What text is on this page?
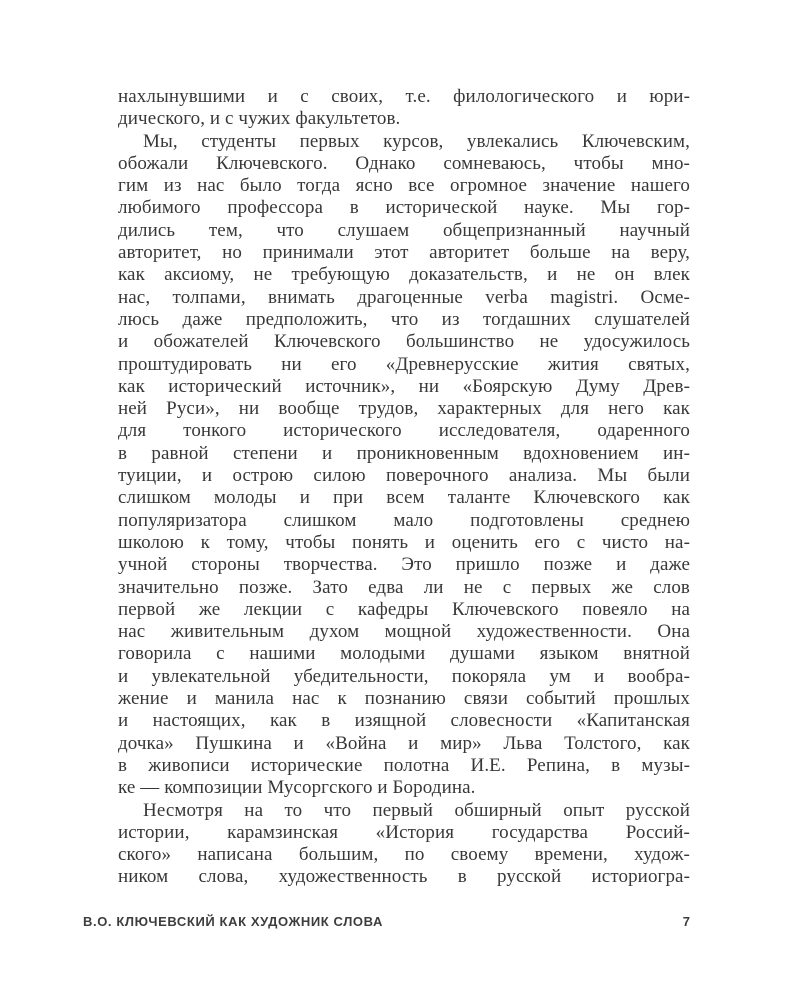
нахлынувшими и с своих, т.е. филологического и юри-
дического, и с чужих факультетов.
Мы, студенты первых курсов, увлекались Ключевским,
обожали Ключевского. Однако сомневаюсь, чтобы мно-
гим из нас было тогда ясно все огромное значение нашего
любимого профессора в исторической науке. Мы гор-
дились тем, что слушаем общепризнанный научный
авторитет, но принимали этот авторитет больше на веру,
как аксиому, не требующую доказательств, и не он влек
нас, толпами, внимать драгоценные verba magistri. Осме-
люсь даже предположить, что из тогдашних слушателей
и обожателей Ключевского большинство не удосужилось
проштудировать ни его «Древнерусские жития святых,
как исторический источник», ни «Боярскую Думу Древ-
ней Руси», ни вообще трудов, характерных для него как
для тонкого исторического исследователя, одаренного
в равной степени и проникновенным вдохновением ин-
туиции, и острою силою поверочного анализа. Мы были
слишком молоды и при всем таланте Ключевского как
популяризатора слишком мало подготовлены среднею
школою к тому, чтобы понять и оценить его с чисто на-
учной стороны творчества. Это пришло позже и даже
значительно позже. Зато едва ли не с первых же слов
первой же лекции с кафедры Ключевского повеяло на
нас живительным духом мощной художественности. Она
говорила с нашими молодыми душами языком внятной
и увлекательной убедительности, покоряла ум и вообра-
жение и манила нас к познанию связи событий прошлых
и настоящих, как в изящной словесности «Капитанская
дочка» Пушкина и «Война и мир» Льва Толстого, как
в живописи исторические полотна И.Е. Репина, в музы-
ке — композиции Мусоргского и Бородина.
Несмотря на то что первый обширный опыт русской
истории, карамзинская «История государства Россий-
ского» написана большим, по своему времени, худож-
ником слова, художественность в русской историогра-
В.О. КЛЮЧЕВСКИЙ КАК ХУДОЖНИК СЛОВА	7
